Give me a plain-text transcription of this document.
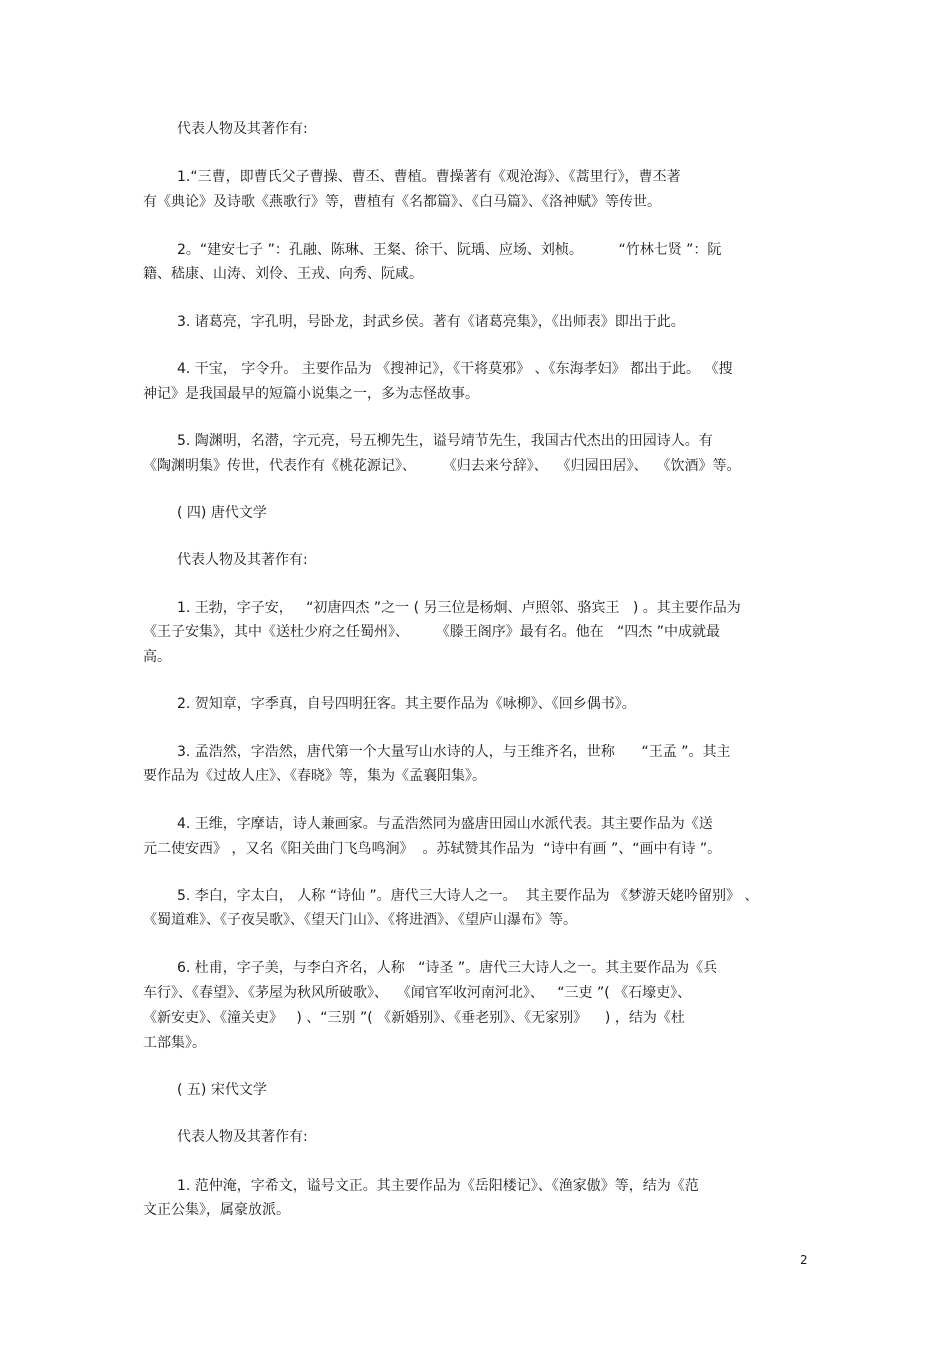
代表人物及其著作有:
1.“三曹，即曹氏父子曹操、曹丕、曹植。曹操著有《观沧海》、《蒿里行》，曹丕著
有《典论》及诗歌《燕歌行》等，曹植有《名都篇》、《白马篇》、《洛神赋》等传世。
2。“建安七子 ”：孔融、陈琳、王粲、徐干、阮瑀、应场、刘桢。        “竹林七贤 ”：阮
籍、嵇康、山涛、刘伶、王戎、向秀、阮咸。
3. 诸葛亮，字孔明，号卧龙，封武乡侯。著有《诸葛亮集》，《出师表》即出于此。
4. 干宝， 字令升。 主要作品为 《搜神记》，《干将莫邪》 、《东海孝妇》 都出于此。 《搜
神记》是我国最早的短篇小说集之一，多为志怪故事。
5. 陶渊明，名潜，字元亮，号五柳先生，谥号靖节先生，我国古代杰出的田园诗人。有
《陶渊明集》传世，代表作有《桃花源记》、      《归去来兮辞》、  《归园田居》、  《饮酒》等。
( 四) 唐代文学
代表人物及其著作有:
1. 王勃，字子安，   “初唐四杰 ”之一 ( 另三位是杨炯、卢照邻、骆宾王   ) 。其主要作品为
《王子安集》，其中《送杜少府之任蜀州》、      《滕王阁序》最有名。他在   “四杰 ”中成就最
高。
2. 贺知章，字季真，自号四明狂客。其主要作品为《咏柳》、《回乡偶书》。
3. 孟浩然，字浩然，唐代第一个大量写山水诗的人，与王维齐名，世称      “王孟 ”。其主
要作品为《过故人庄》、《春晓》等，集为《孟襄阳集》。
4. 王维，字摩诘，诗人兼画家。与孟浩然同为盛唐田园山水派代表。其主要作品为《送
元二使安西》 ，又名《阳关曲门飞鸟鸣涧》  。苏轼赞其作品为  “诗中有画 ”、“画中有诗 ”。
5. 李白，字太白， 人称 “诗仙 ”。唐代三大诗人之一。  其主要作品为 《梦游天姥吟留别》 、
《蜀道难》、《子夜吴歌》、《望天门山》、《将进酒》、《望庐山瀑布》等。
6. 杜甫，字子美，与李白齐名，人称   “诗圣 ”。唐代三大诗人之一。其主要作品为《兵
车行》、《春望》、《茅屋为秋风所破歌》、  《闻官军收河南河北》、   “三吏 ”( 《石壕吏》、
《新安吏》、《潼关吏》   ) 、“三别 ”( 《新婚别》、《垂老别》、《无家别》    ) ，结为《杜
工部集》。
( 五) 宋代文学
代表人物及其著作有:
1. 范仲淹，字希文，谥号文正。其主要作品为《岳阳楼记》、《渔家傲》等，结为《范
文正公集》，属豪放派。
2
